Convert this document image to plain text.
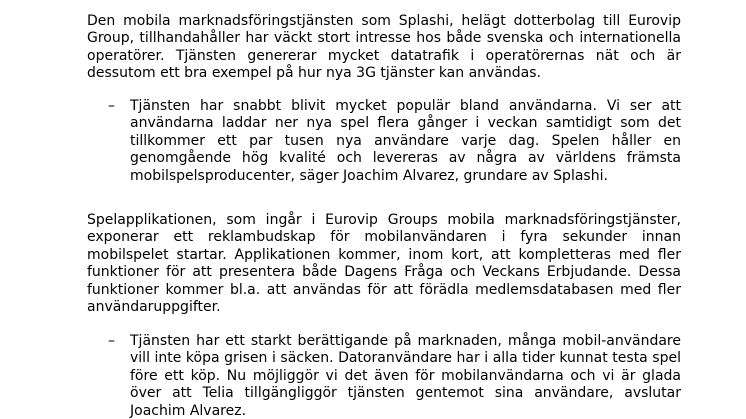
Den mobila marknadsföringstjänsten som Splashi, helägt dotterbolag till Eurovip Group, tillhandahåller har väckt stort intresse hos både svenska och internationella operatörer. Tjänsten genererar mycket datatrafik i operatörernas nät och är dessutom ett bra exempel på hur nya 3G tjänster kan användas.

–	Tjänsten har snabbt blivit mycket populär bland användarna. Vi ser att användarna laddar ner nya spel flera gånger i veckan samtidigt som det tillkommer ett par tusen nya användare varje dag. Spelen håller en genomgående hög kvalité och levereras av några av världens främsta mobilspelsproducenter, säger Joachim Alvarez, grundare av Splashi.

Spelapplikationen, som ingår i Eurovip Groups mobila marknadsföringstjänster, exponerar ett reklambudskap för mobilanvändaren i fyra sekunder innan mobilspelet startar. Applikationen kommer, inom kort, att kompletteras med fler funktioner för att presentera både Dagens Fråga och Veckans Erbjudande. Dessa funktioner kommer bl.a. att användas för att förädla medlemsdatabasen med fler användaruppgifter.

–	Tjänsten har ett starkt berättigande på marknaden, många mobil-användare vill inte köpa grisen i säcken. Datoranvändare har i alla tider kunnat testa spel före ett köp. Nu möjliggör vi det även för mobilanvändarna och vi är glada över att Telia tillgängliggör tjänsten gentemot sina användare, avslutar Joachim Alvarez.
